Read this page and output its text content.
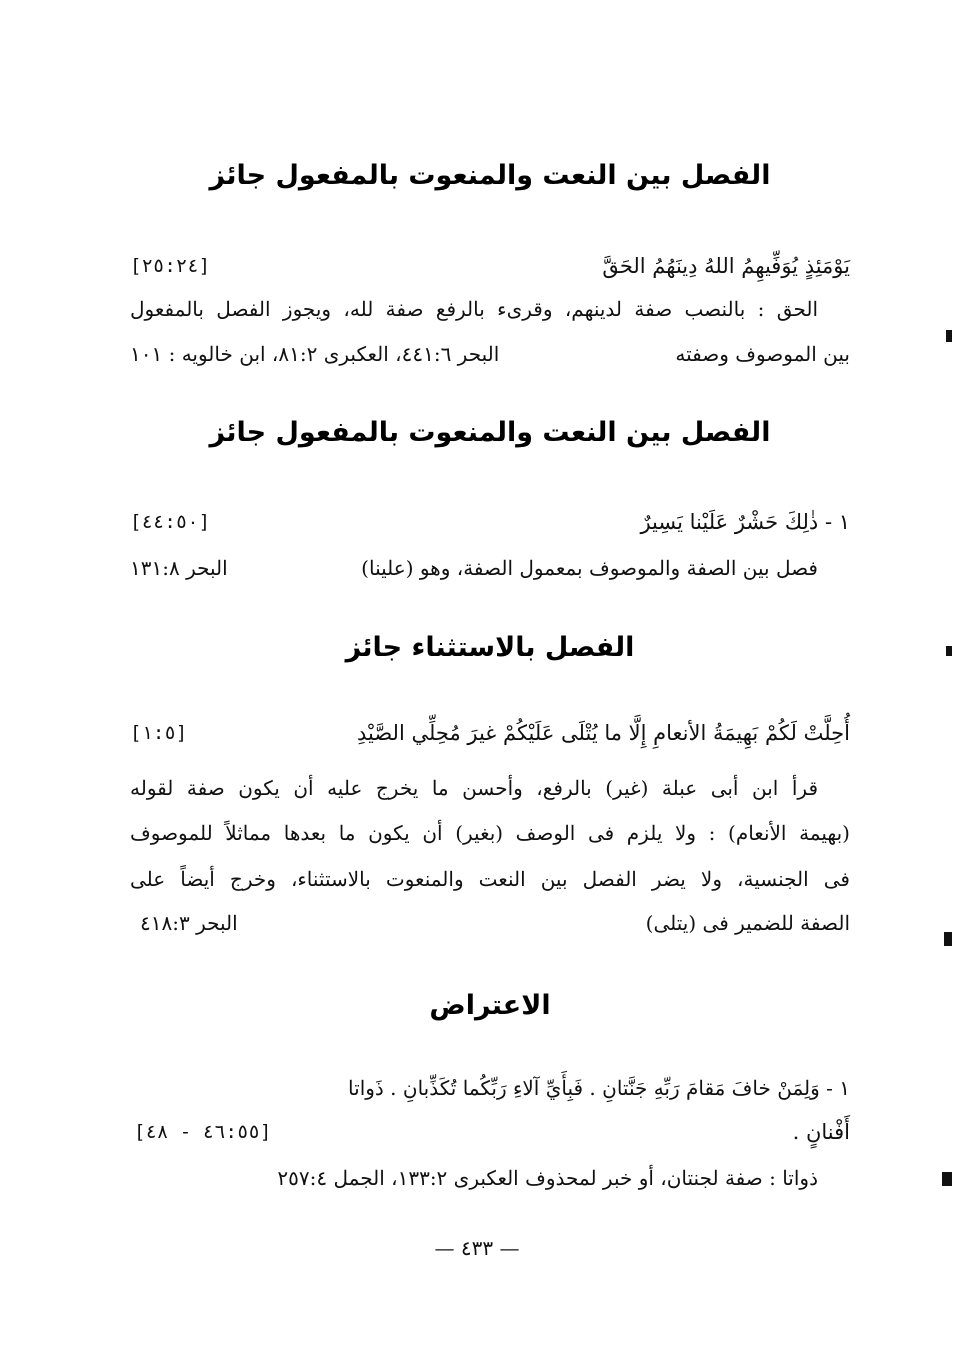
الفصل بين النعت والمنعوت بالمفعول جائز
يَوْمَئِذٍ يُوَفِّيهِمُ اللهُ دِينَهُمُ الحَقَّ
[٢٥:٢٤]
الحق : بالنصب صفة لدينهم، وقرىء بالرفع صفة لله، ويجوز الفصل بالمفعول
بين الموصوف وصفته
البحر ٤٤١:٦، العكبرى ٨١:٢، ابن خالويه : ١٠١
الفصل بين النعت والمنعوت بالمفعول جائز
١ - ذٰلِكَ حَشْرٌ عَلَيْنا يَسِيرٌ
[٤٤:٥٠]
فصل بين الصفة والموصوف بمعمول الصفة، وهو (علينا)
البحر ١٣١:٨
الفصل بالاستثناء جائز
أُحِلَّتْ لَكُمْ بَهِيمَةُ الأنعامِ إِلَّا ما يُتْلَى عَلَيْكُمْ غيرَ مُحِلِّي الصَّيْدِ
[١:٥]
قرأ ابن أبى عبلة (غير) بالرفع، وأحسن ما يخرج عليه أن يكون صفة لقوله
(بهيمة الأنعام) : ولا يلزم فى الوصف (بغير) أن يكون ما بعدها مماثلاً للموصوف
فى الجنسية، ولا يضر الفصل بين النعت والمنعوت بالاستثناء، وخرج أيضاً على
الصفة للضمير فى (يتلى)
البحر ٤١٨:٣
الاعتراض
١ - وَلِمَنْ خافَ مَقامَ رَبِّهِ جَنَّتانِ . فَبِأَيِّ آلاءِ رَبِّكُما تُكَذِّبانِ . ذَواتا
أَفْنانٍ .
[٤٦:٥٥ - ٤٨]
ذواتا : صفة لجنتان، أو خبر لمحذوف العكبرى ١٣٣:٢، الجمل ٢٥٧:٤
— ٤٣٣ —
